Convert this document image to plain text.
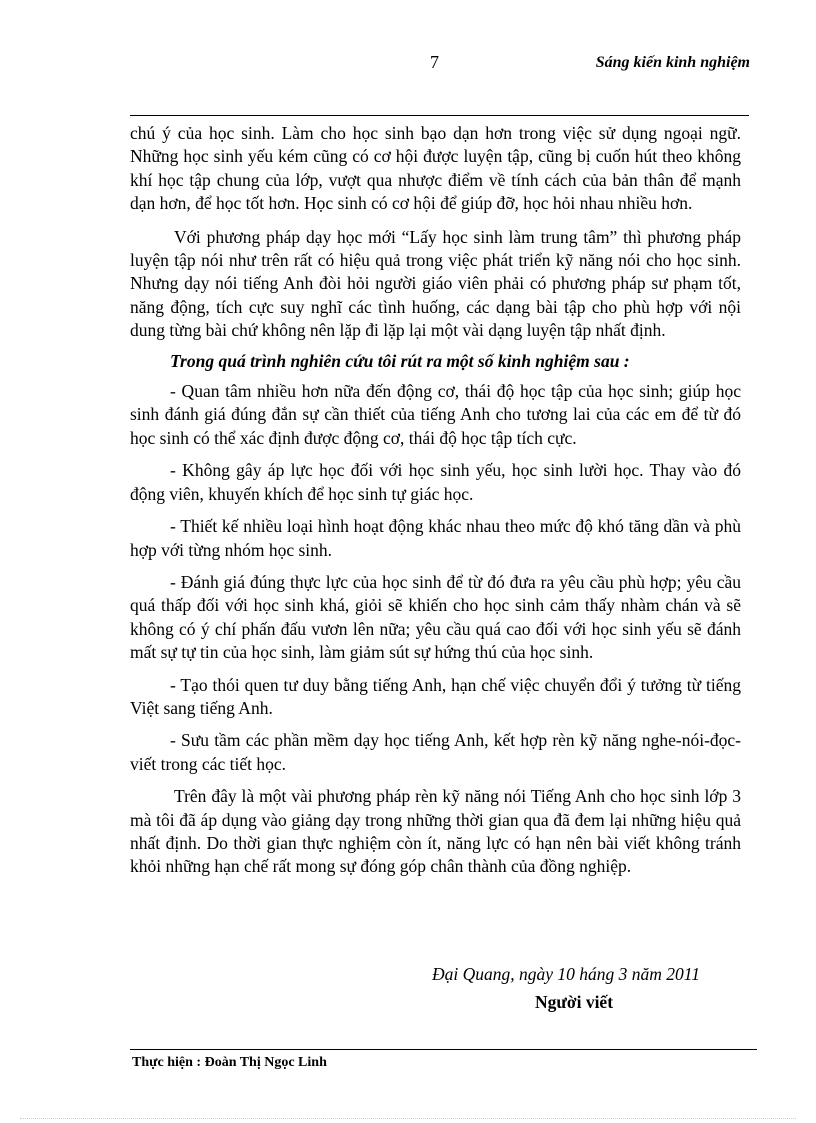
7	Sáng kiến kinh nghiệm

chú ý của học sinh. Làm cho học sinh bạo dạn hơn trong việc sử dụng ngoại ngữ. Những học sinh yếu kém cũng có cơ hội được luyện tập, cũng bị cuốn hút theo không khí học tập chung của lớp, vượt qua nhược điểm về tính cách của bản thân để mạnh dạn hơn, để học tốt hơn. Học sinh có cơ hội để giúp đỡ, học hỏi nhau nhiều hơn.

Với phương pháp dạy học mới “Lấy học sinh làm trung tâm” thì phương pháp luyện tập nói như trên rất có hiệu quả trong việc phát triển kỹ năng nói cho học sinh. Nhưng dạy nói tiếng Anh đòi hỏi người giáo viên phải có phương pháp sư phạm tốt, năng động, tích cực suy nghĩ các tình huống, các dạng bài tập cho phù hợp với nội dung từng bài chứ không nên lặp đi lặp lại một vài dạng luyện tập nhất định.

Trong quá trình nghiên cứu tôi rút ra một số kinh nghiệm sau :

- Quan tâm nhiều hơn nữa đến động cơ, thái độ học tập của học sinh; giúp học sinh đánh giá đúng đắn sự cần thiết của tiếng Anh cho tương lai của các em để từ đó học sinh có thể xác định được động cơ, thái độ học tập tích cực.

- Không gây áp lực học đối với học sinh yếu, học sinh lười học. Thay vào đó động viên, khuyến khích để học sinh tự giác học.

- Thiết kế nhiều loại hình hoạt động khác nhau theo mức độ khó tăng dần và phù hợp với từng nhóm học sinh.

- Đánh giá đúng thực lực của học sinh để từ đó đưa ra yêu cầu phù hợp; yêu cầu quá thấp đối với học sinh khá, giỏi sẽ khiến cho học sinh cảm thấy nhàm chán và sẽ không có ý chí phấn đấu vươn lên nữa; yêu cầu quá cao đối với học sinh yếu sẽ đánh mất sự tự tin của học sinh, làm giảm sút sự hứng thú của học sinh.

- Tạo thói quen tư duy bằng tiếng Anh, hạn chế việc chuyển đổi ý tưởng từ tiếng Việt sang tiếng Anh.

- Sưu tầm các phần mềm dạy học tiếng Anh, kết hợp rèn kỹ năng nghe-nói-đọc-viết trong các tiết học.

Trên đây là một vài phương pháp rèn kỹ năng nói Tiếng Anh cho học sinh lớp 3 mà tôi đã áp dụng vào giảng dạy trong những thời gian qua đã đem lại những hiệu quả nhất định. Do thời gian thực nghiệm còn ít, năng lực có hạn nên bài viết không tránh khỏi những hạn chế rất mong sự đóng góp chân thành của đồng nghiệp.

Đại Quang, ngày 10 háng 3 năm 2011
Người viết
Thực hiện : Đoàn Thị Ngọc Linh
